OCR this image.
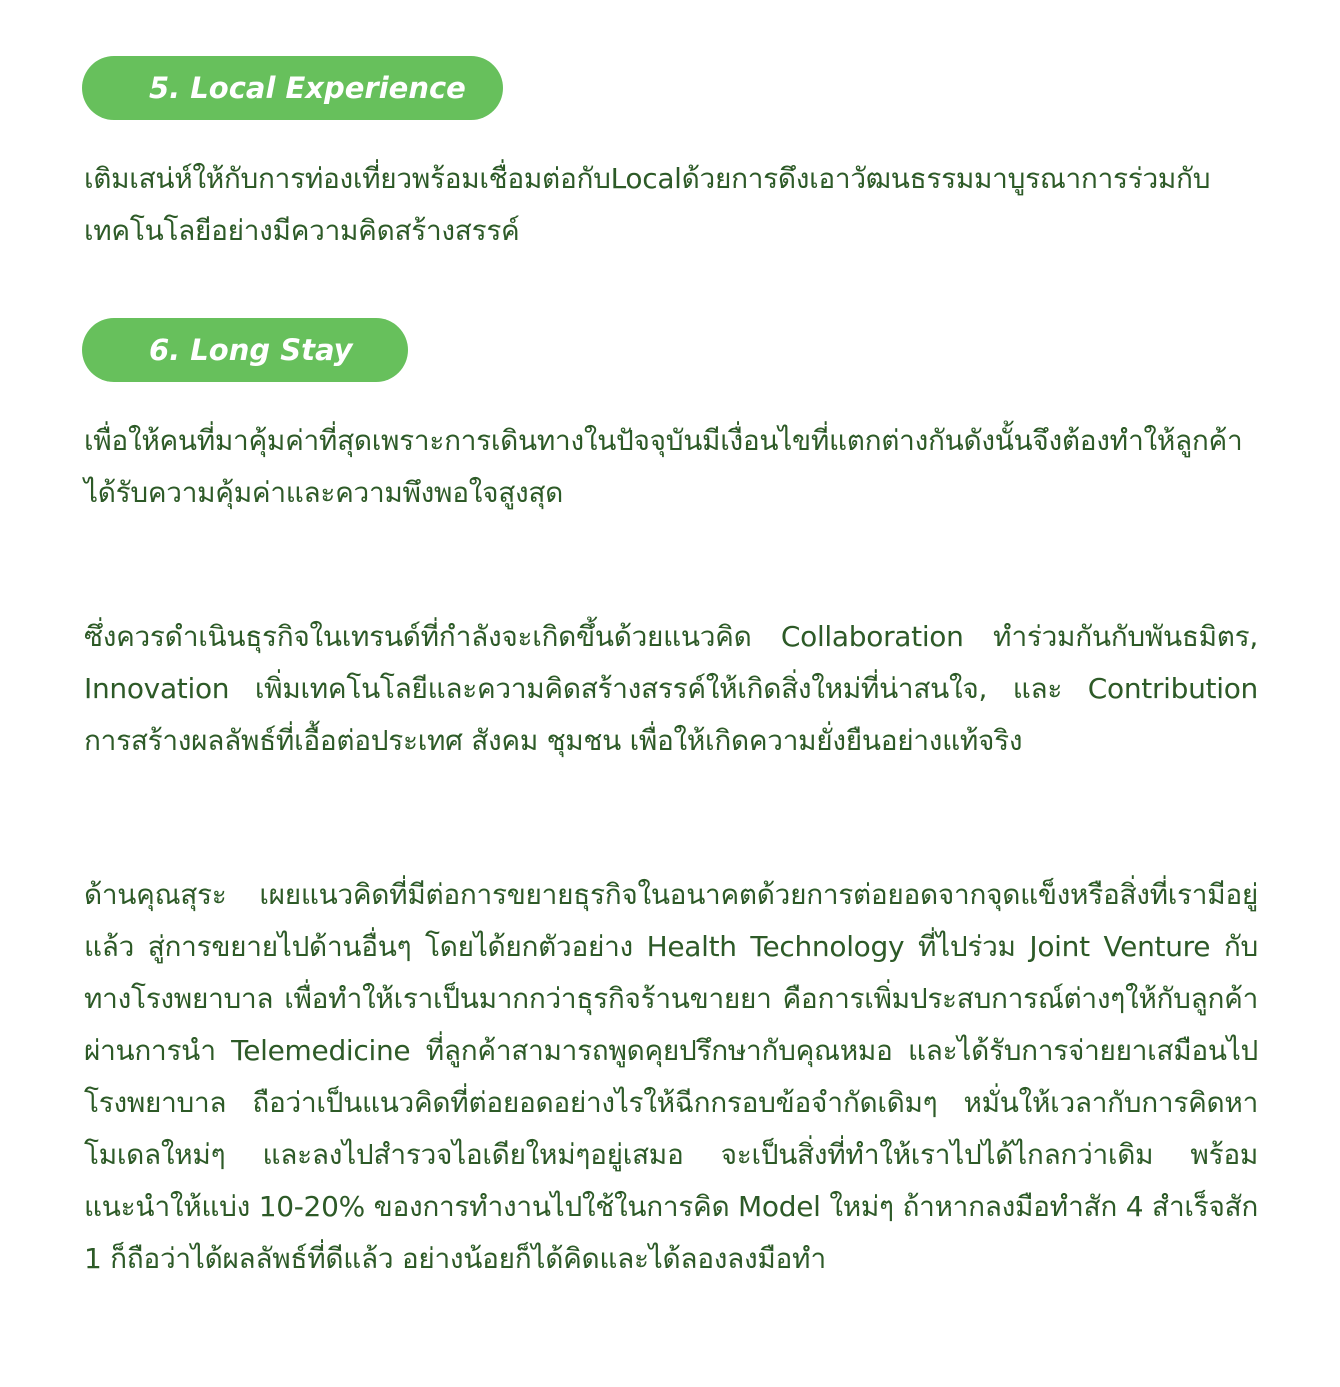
5. Local Experience

เติมเสน่ห์ให้กับการท่องเที่ยวพร้อมเชื่อมต่อกับLocalด้วยการดึงเอาวัฒนธรรมมาบูรณาการร่วมกับเทคโนโลยีอย่างมีความคิดสร้างสรรค์

6. Long Stay

เพื่อให้คนที่มาคุ้มค่าที่สุดเพราะการเดินทางในปัจจุบันมีเงื่อนไขที่แตกต่างกันดังนั้นจึงต้องทำให้ลูกค้าได้รับความคุ้มค่าและความพึงพอใจสูงสุด

ซึ่งควรดำเนินธุรกิจในเทรนด์ที่กำลังจะเกิดขึ้นด้วยแนวคิด Collaboration ทำร่วมกันกับพันธมิตร, Innovation เพิ่มเทคโนโลยีและความคิดสร้างสรรค์ให้เกิดสิ่งใหม่ที่น่าสนใจ, และ Contribution การสร้างผลลัพธ์ที่เอื้อต่อประเทศ สังคม ชุมชน เพื่อให้เกิดความยั่งยืนอย่างแท้จริง

ด้านคุณสุระ เผยแนวคิดที่มีต่อการขยายธุรกิจในอนาคตด้วยการต่อยอดจากจุดแข็งหรือสิ่งที่เรามีอยู่แล้ว สู่การขยายไปด้านอื่นๆ โดยได้ยกตัวอย่าง Health Technology ที่ไปร่วม Joint Venture กับทางโรงพยาบาล เพื่อทำให้เราเป็นมากกว่าธุรกิจร้านขายยา คือการเพิ่มประสบการณ์ต่างๆให้กับลูกค้า ผ่านการนำ Telemedicine ที่ลูกค้าสามารถพูดคุยปรึกษากับคุณหมอ และได้รับการจ่ายยาเสมือนไปโรงพยาบาล ถือว่าเป็นแนวคิดที่ต่อยอดอย่างไรให้ฉีกกรอบข้อจำกัดเดิมๆ หมั่นให้เวลากับการคิดหาโมเดลใหม่ๆ และลงไปสำรวจไอเดียใหม่ๆอยู่เสมอ จะเป็นสิ่งที่ทำให้เราไปได้ไกลกว่าเดิม พร้อมแนะนำให้แบ่ง 10-20% ของการทำงานไปใช้ในการคิด Model ใหม่ๆ ถ้าหากลงมือทำสัก 4 สำเร็จสัก 1 ก็ถือว่าได้ผลลัพธ์ที่ดีแล้ว อย่างน้อยก็ได้คิดและได้ลองลงมือทำ
